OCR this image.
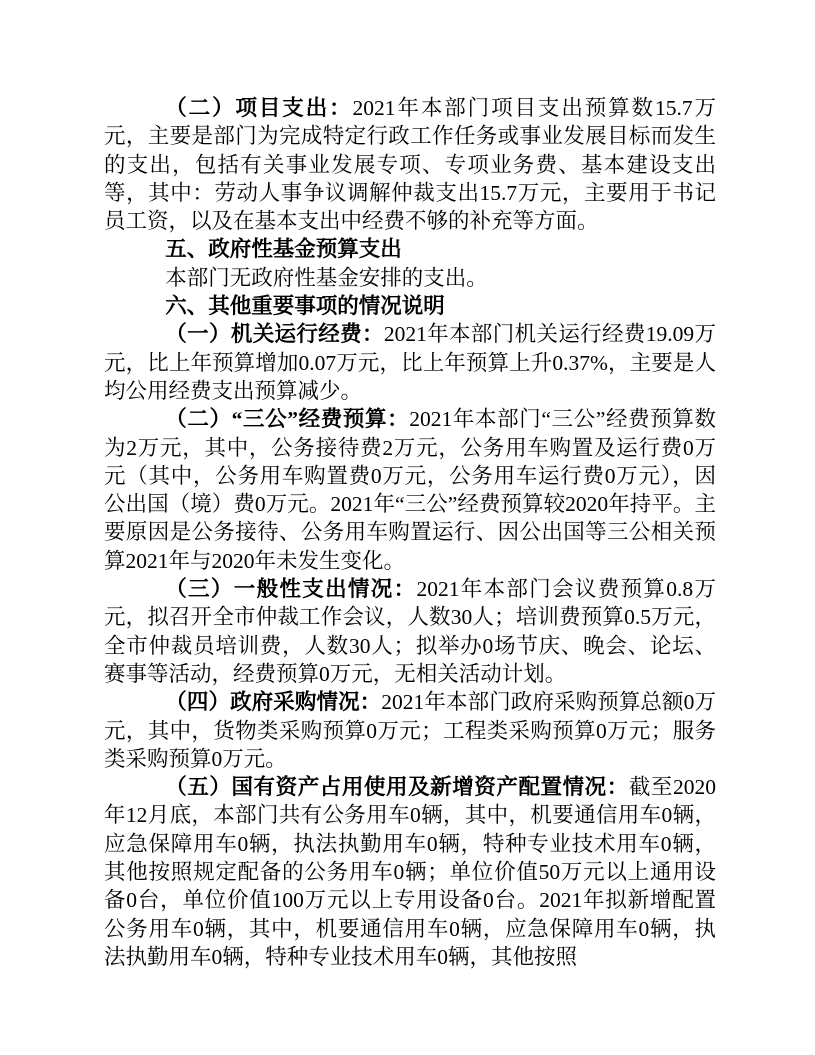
（二）项目支出：2021年本部门项目支出预算数15.7万元，主要是部门为完成特定行政工作任务或事业发展目标而发生的支出，包括有关事业发展专项、专项业务费、基本建设支出等，其中：劳动人事争议调解仲裁支出15.7万元，主要用于书记员工资，以及在基本支出中经费不够的补充等方面。

五、政府性基金预算支出

本部门无政府性基金安排的支出。

六、其他重要事项的情况说明

（一）机关运行经费：2021年本部门机关运行经费19.09万元，比上年预算增加0.07万元，比上年预算上升0.37%，主要是人均公用经费支出预算减少。

（二）“三公”经费预算：2021年本部门“三公”经费预算数为2万元，其中，公务接待费2万元，公务用车购置及运行费0万元（其中，公务用车购置费0万元，公务用车运行费0万元），因公出国（境）费0万元。2021年“三公”经费预算较2020年持平。主要原因是公务接待、公务用车购置运行、因公出国等三公相关预算2021年与2020年未发生变化。

（三）一般性支出情况：2021年本部门会议费预算0.8万元，拟召开全市仲裁工作会议，人数30人；培训费预算0.5万元，全市仲裁员培训费，人数30人；拟举办0场节庆、晚会、论坛、赛事等活动，经费预算0万元，无相关活动计划。

（四）政府采购情况：2021年本部门政府采购预算总额0万元，其中，货物类采购预算0万元；工程类采购预算0万元；服务类采购预算0万元。

（五）国有资产占用使用及新增资产配置情况：截至2020年12月底，本部门共有公务用车0辆，其中，机要通信用车0辆，应急保障用车0辆，执法执勤用车0辆，特种专业技术用车0辆，其他按照规定配备的公务用车0辆；单位价值50万元以上通用设备0台，单位价值100万元以上专用设备0台。2021年拟新增配置公务用车0辆，其中，机要通信用车0辆，应急保障用车0辆，执法执勤用车0辆，特种专业技术用车0辆，其他按照
